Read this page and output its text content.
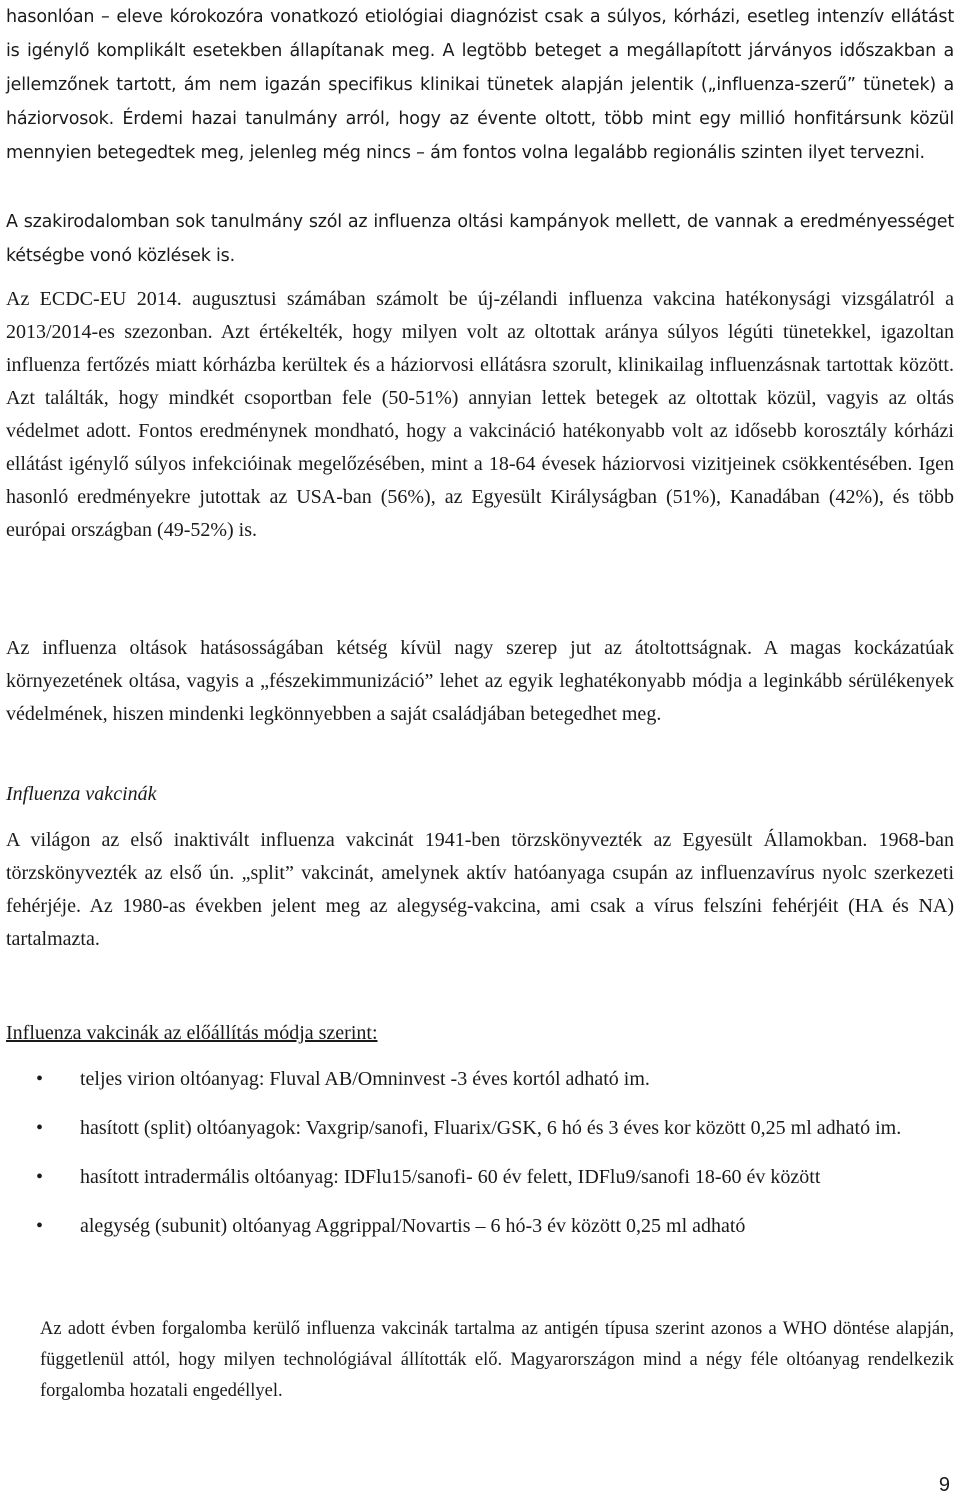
hasonlóan – eleve kórokozóra vonatkozó etiológiai diagnózist csak a súlyos, kórházi, esetleg intenzív ellátást is igénylő komplikált esetekben állapítanak meg. A legtöbb beteget a megállapított járványos időszakban a jellemzőnek tartott, ám nem igazán specifikus klinikai tünetek alapján jelentik („influenza-szerű” tünetek) a háziorvosok. Érdemi hazai tanulmány arról, hogy az évente oltott, több mint egy millió honfitársunk közül mennyien betegedtek meg, jelenleg még nincs – ám fontos volna legalább regionális szinten ilyet tervezni.

A szakirodalomban sok tanulmány szól az influenza oltási kampányok mellett, de vannak a eredményességet kétségbe vonó közlések is.

Az ECDC-EU 2014. augusztusi számában számolt be új-zélandi influenza vakcina hatékonysági vizsgálatról a 2013/2014-es szezonban. Azt értékelték, hogy milyen volt az oltottak aránya súlyos légúti tünetekkel, igazoltan influenza fertőzés miatt kórházba kerültek és a háziorvosi ellátásra szorult, klinikailag influenzásnak tartottak között. Azt találták, hogy mindkét csoportban fele (50-51%) annyian lettek betegek az oltottak közül, vagyis az oltás védelmet adott. Fontos eredménynek mondható, hogy a vakcináció hatékonyabb volt az idősebb korosztály kórházi ellátást igénylő súlyos infekcióinak megelőzésében, mint a 18-64 évesek háziorvosi vizitjeinek csökkentésében. Igen hasonló eredményekre jutottak az USA-ban (56%), az Egyesült Királyságban (51%), Kanadában (42%), és több európai országban (49-52%) is.

Az influenza oltások hatásosságában kétség kívül nagy szerep jut az átoltottságnak. A magas kockázatúak környezetének oltása, vagyis a „fészekimmunizáció” lehet az egyik leghatékonyabb módja a leginkább sérülékenyek védelmének, hiszen mindenki legkönnyebben a saját családjában betegedhet meg.

Influenza vakcinák

A világon az első inaktivált influenza vakcinát 1941-ben törzskönyvezték az Egyesült Államokban. 1968-ban törzskönyvezték az első ún. „split” vakcinát, amelynek aktív hatóanyaga csupán az influenzavírus nyolc szerkezeti fehérjéje. Az 1980-as években jelent meg az alegység-vakcina, ami csak a vírus felszíni fehérjéit (HA és NA) tartalmazta.

Influenza vakcinák az előállítás módja szerint:

• teljes virion oltóanyag: Fluval AB/Omninvest -3 éves kortól adható im.
• hasított (split) oltóanyagok: Vaxgrip/sanofi, Fluarix/GSK, 6 hó és 3 éves kor között 0,25 ml adható im.
• hasított intradermális oltóanyag: IDFlu15/sanofi- 60 év felett, IDFlu9/sanofi 18-60 év között
• alegység (subunit) oltóanyag Aggrippal/Novartis – 6 hó-3 év között 0,25 ml adható

Az adott évben forgalomba kerülő influenza vakcinák tartalma az antigén típusa szerint azonos a WHO döntése alapján, függetlenül attól, hogy milyen technológiával állították elő. Magyarországon mind a négy féle oltóanyag rendelkezik forgalomba hozatali engedéllyel.

9
